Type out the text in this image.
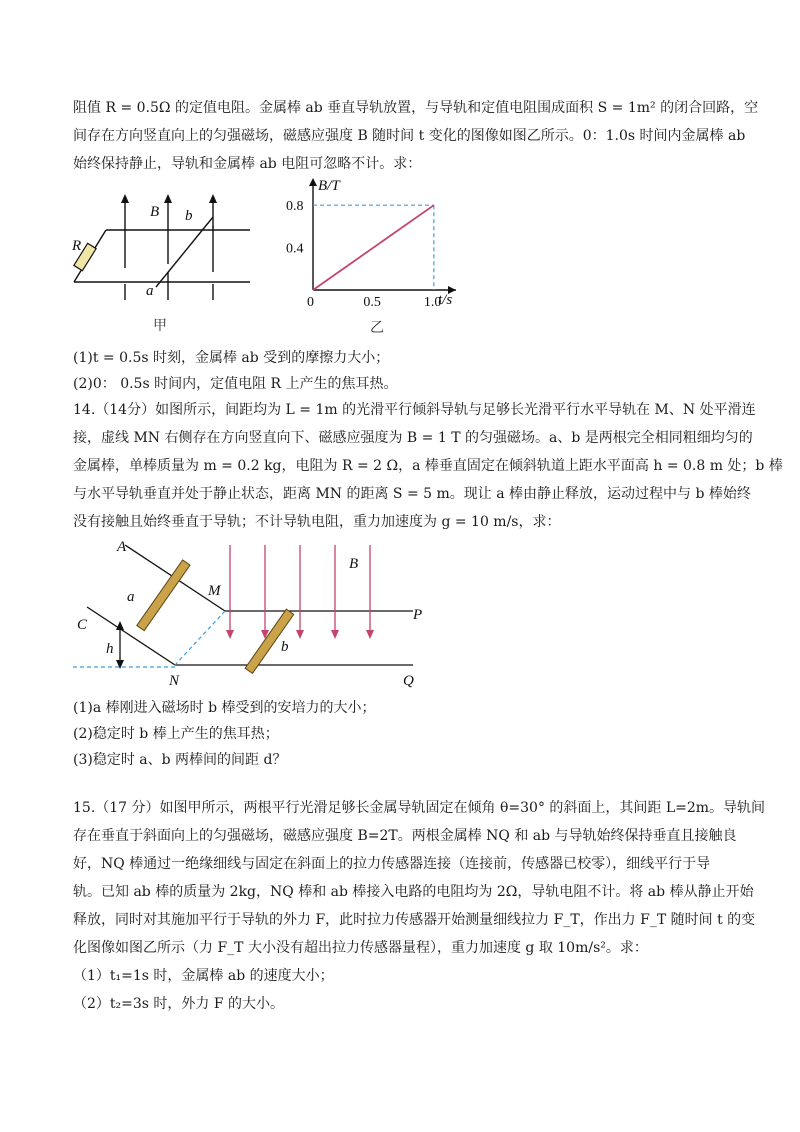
阻值 R = 0.5Ω 的定值电阻。金属棒 ab 垂直导轨放置，与导轨和定值电阻围成面积 S = 1m² 的闭合回路，空
间存在方向竖直向上的匀强磁场，磁感应强度 B 随时间 t 变化的图像如图乙所示。0：1.0s 时间内金属棒 ab
始终保持静止，导轨和金属棒 ab 电阻可忽略不计。求：
B b
a
R
甲
B/T
t/s
0	0.5	1.0
0.4
0.8
乙
(1)t = 0.5s 时刻，金属棒 ab 受到的摩擦力大小；
(2)0： 0.5s 时间内，定值电阻 R 上产生的焦耳热。
14.（14分）如图所示，间距均为 L = 1m 的光滑平行倾斜导轨与足够长光滑平行水平导轨在 M、N 处平滑连
接，虚线 MN 右侧存在方向竖直向下、磁感应强度为 B = 1 T 的匀强磁场。a、b 是两根完全相同粗细均匀的
金属棒，单棒质量为 m = 0.2 kg，电阻为 R = 2 Ω，a 棒垂直固定在倾斜轨道上距水平面高 h = 0.8 m 处；b 棒
与水平导轨垂直并处于静止状态，距离 MN 的距离 S = 5 m。现让 a 棒由静止释放，运动过程中与 b 棒始终
没有接触且始终垂直于导轨；不计导轨电阻，重力加速度为 g = 10 m/s，求：
A
C
M
N
P
Q
B
a
b
h
(1)a 棒刚进入磁场时 b 棒受到的安培力的大小；
(2)稳定时 b 棒上产生的焦耳热；
(3)稳定时 a、b 两棒间的间距 d？
15.（17 分）如图甲所示，两根平行光滑足够长金属导轨固定在倾角 θ=30° 的斜面上，其间距 L=2m。导轨间
存在垂直于斜面向上的匀强磁场，磁感应强度 B=2T。两根金属棒 NQ 和 ab 与导轨始终保持垂直且接触良
好，NQ 棒通过一绝缘细线与固定在斜面上的拉力传感器连接（连接前，传感器已校零），细线平行于导
轨。已知 ab 棒的质量为 2kg，NQ 棒和 ab 棒接入电路的电阻均为 2Ω，导轨电阻不计。将 ab 棒从静止开始
释放，同时对其施加平行于导轨的外力 F，此时拉力传感器开始测量细线拉力 F_T，作出力 F_T 随时间 t 的变
化图像如图乙所示（力 F_T 大小没有超出拉力传感器量程），重力加速度 g 取 10m/s²。求：
（1）t₁=1s 时，金属棒 ab 的速度大小；
（2）t₂=3s 时，外力 F 的大小。
